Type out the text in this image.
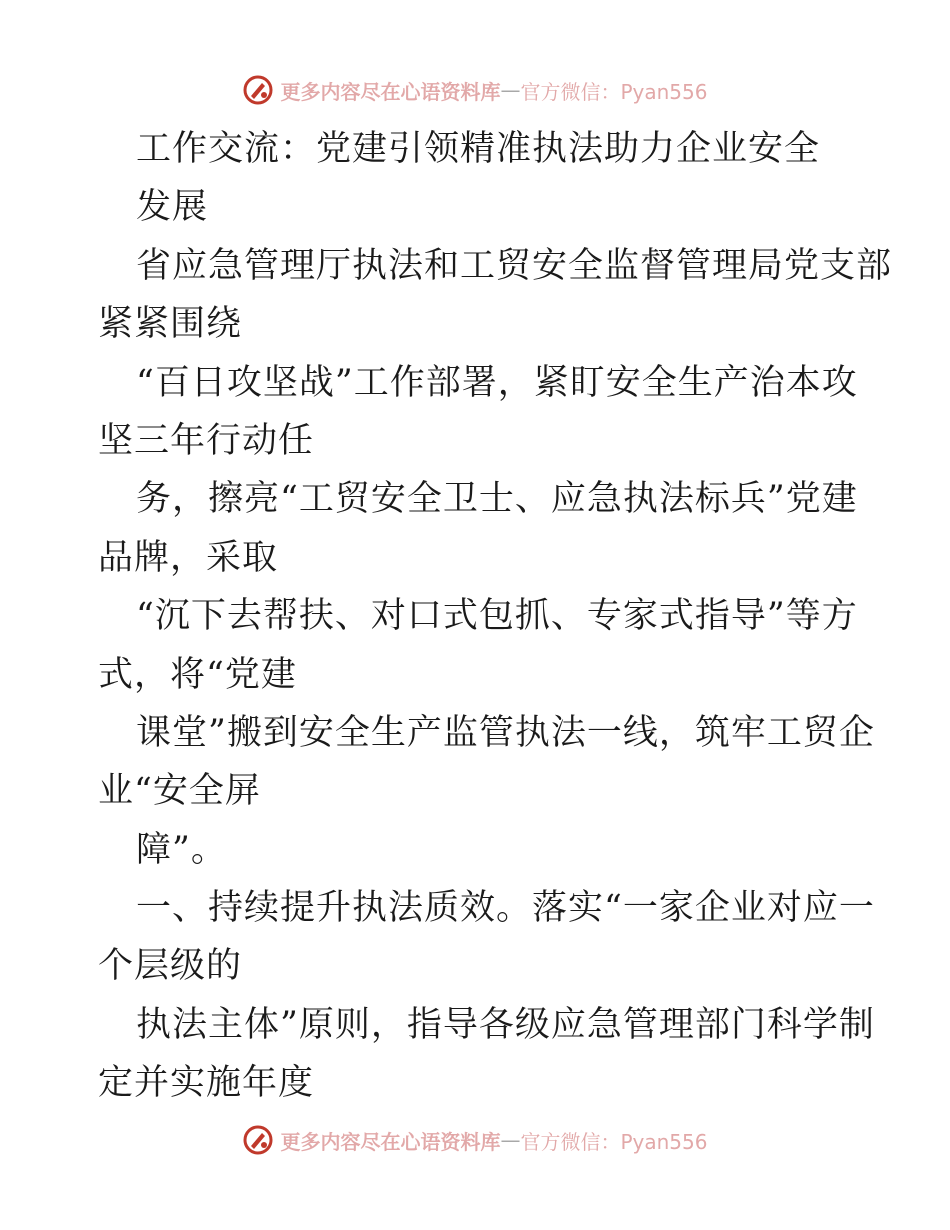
更多内容尽在心语资料库 — 官方微信：Pyan556
工作交流：党建引领精准执法助力企业安全
发展
省应急管理厅执法和工贸安全监督管理局党支部
紧紧围绕
“百日攻坚战”工作部署，紧盯安全生产治本攻
坚三年行动任
务，擦亮“工贸安全卫士、应急执法标兵”党建
品牌，采取
“沉下去帮扶、对口式包抓、专家式指导”等方
式，将“党建
课堂”搬到安全生产监管执法一线，筑牢工贸企
业“安全屏
障”。
一、持续提升执法质效。落实“一家企业对应一
个层级的
执法主体”原则，指导各级应急管理部门科学制
定并实施年度
更多内容尽在心语资料库 — 官方微信：Pyan556
